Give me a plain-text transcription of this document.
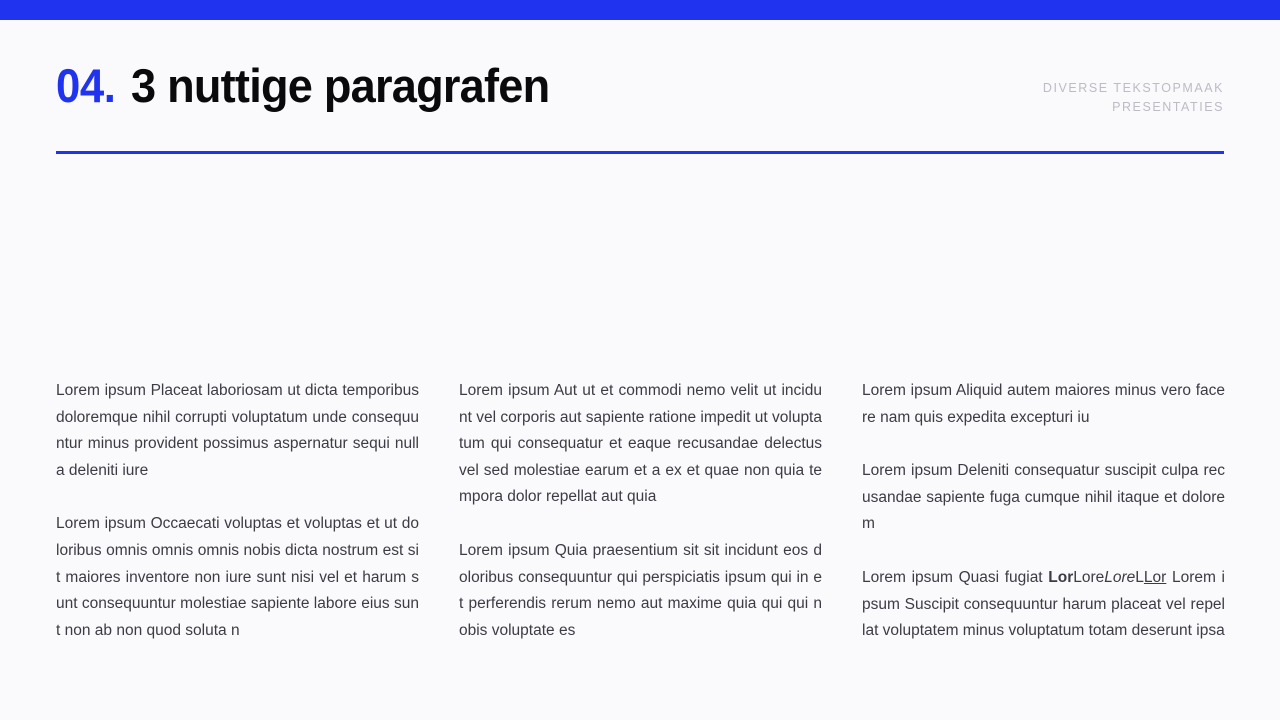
04. 3 nuttige paragrafen	DIVERSE TEKSTOPMAAK
PRESENTATIES

Lorem ipsum Placeat laboriosam ut dicta temporibus doloremque nihil corrupti voluptatum unde consequuntur minus provident possimus aspernatur sequi nulla deleniti iure

Lorem ipsum Occaecati voluptas et voluptas et ut doloribus omnis omnis omnis nobis dicta nostrum est sit maiores inventore non iure sunt nisi vel et harum sunt consequuntur molestiae sapiente labore eius sunt non ab non quod soluta n

Lorem ipsum Aut ut et commodi nemo velit ut incidunt vel corporis aut sapiente ratione impedit ut voluptatum qui consequatur et eaque recusandae delectus vel sed molestiae earum et a ex et quae non quia tempora dolor repellat aut quia

Lorem ipsum Quia praesentium sit sit incidunt eos doloribus consequuntur qui perspiciatis ipsum qui in et perferendis rerum nemo aut maxime quia qui qui nobis voluptate es

Lorem ipsum Aliquid autem maiores minus vero facere nam quis expedita excepturi iu

Lorem ipsum Deleniti consequatur suscipit culpa recusandae sapiente fuga cumque nihil itaque et dolorem

Lorem ipsum Quasi fugiat LorLoreLoreLLor Lorem ipsum Suscipit consequuntur harum placeat vel repellat voluptatem minus voluptatum totam deserunt ipsa
